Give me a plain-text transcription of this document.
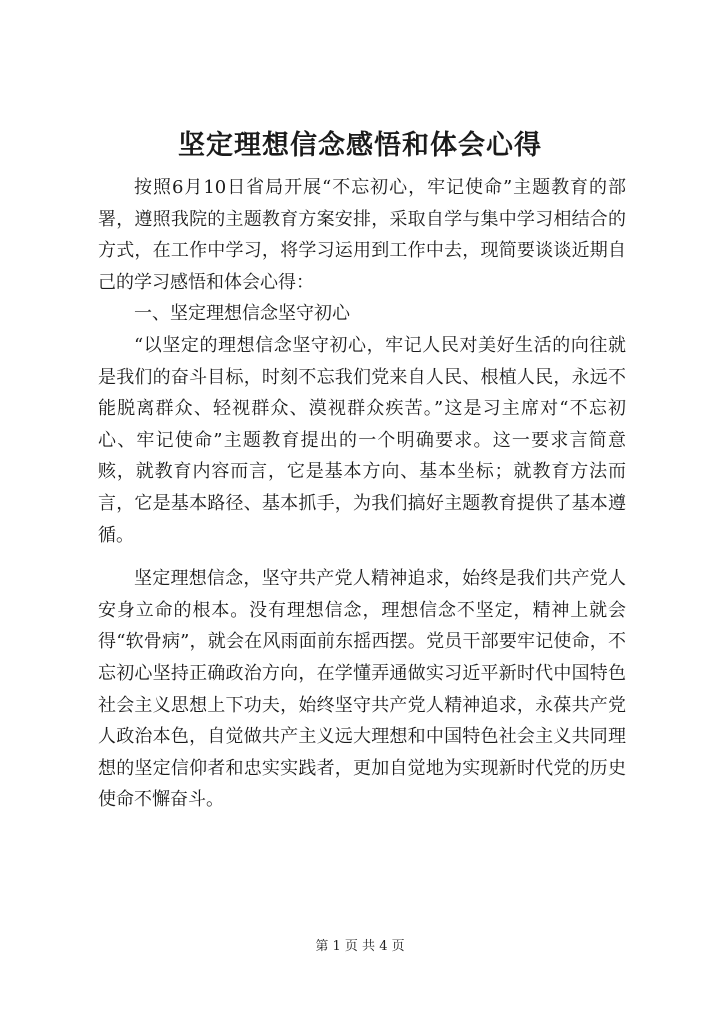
坚定理想信念感悟和体会心得

按照6月10日省局开展“不忘初心，牢记使命”主题教育的部署，遵照我院的主题教育方案安排，采取自学与集中学习相结合的方式，在工作中学习，将学习运用到工作中去，现简要谈谈近期自己的学习感悟和体会心得：

一、坚定理想信念坚守初心

“以坚定的理想信念坚守初心，牢记人民对美好生活的向往就是我们的奋斗目标，时刻不忘我们党来自人民、根植人民，永远不能脱离群众、轻视群众、漠视群众疾苦。”这是习主席对“不忘初心、牢记使命”主题教育提出的一个明确要求。这一要求言简意赅，就教育内容而言，它是基本方向、基本坐标；就教育方法而言，它是基本路径、基本抓手，为我们搞好主题教育提供了基本遵循。

坚定理想信念，坚守共产党人精神追求，始终是我们共产党人安身立命的根本。没有理想信念，理想信念不坚定，精神上就会得“软骨病”，就会在风雨面前东摇西摆。党员干部要牢记使命，不忘初心坚持正确政治方向，在学懂弄通做实习近平新时代中国特色社会主义思想上下功夫，始终坚守共产党人精神追求，永葆共产党人政治本色，自觉做共产主义远大理想和中国特色社会主义共同理想的坚定信仰者和忠实实践者，更加自觉地为实现新时代党的历史使命不懈奋斗。

第 1 页 共 4 页
